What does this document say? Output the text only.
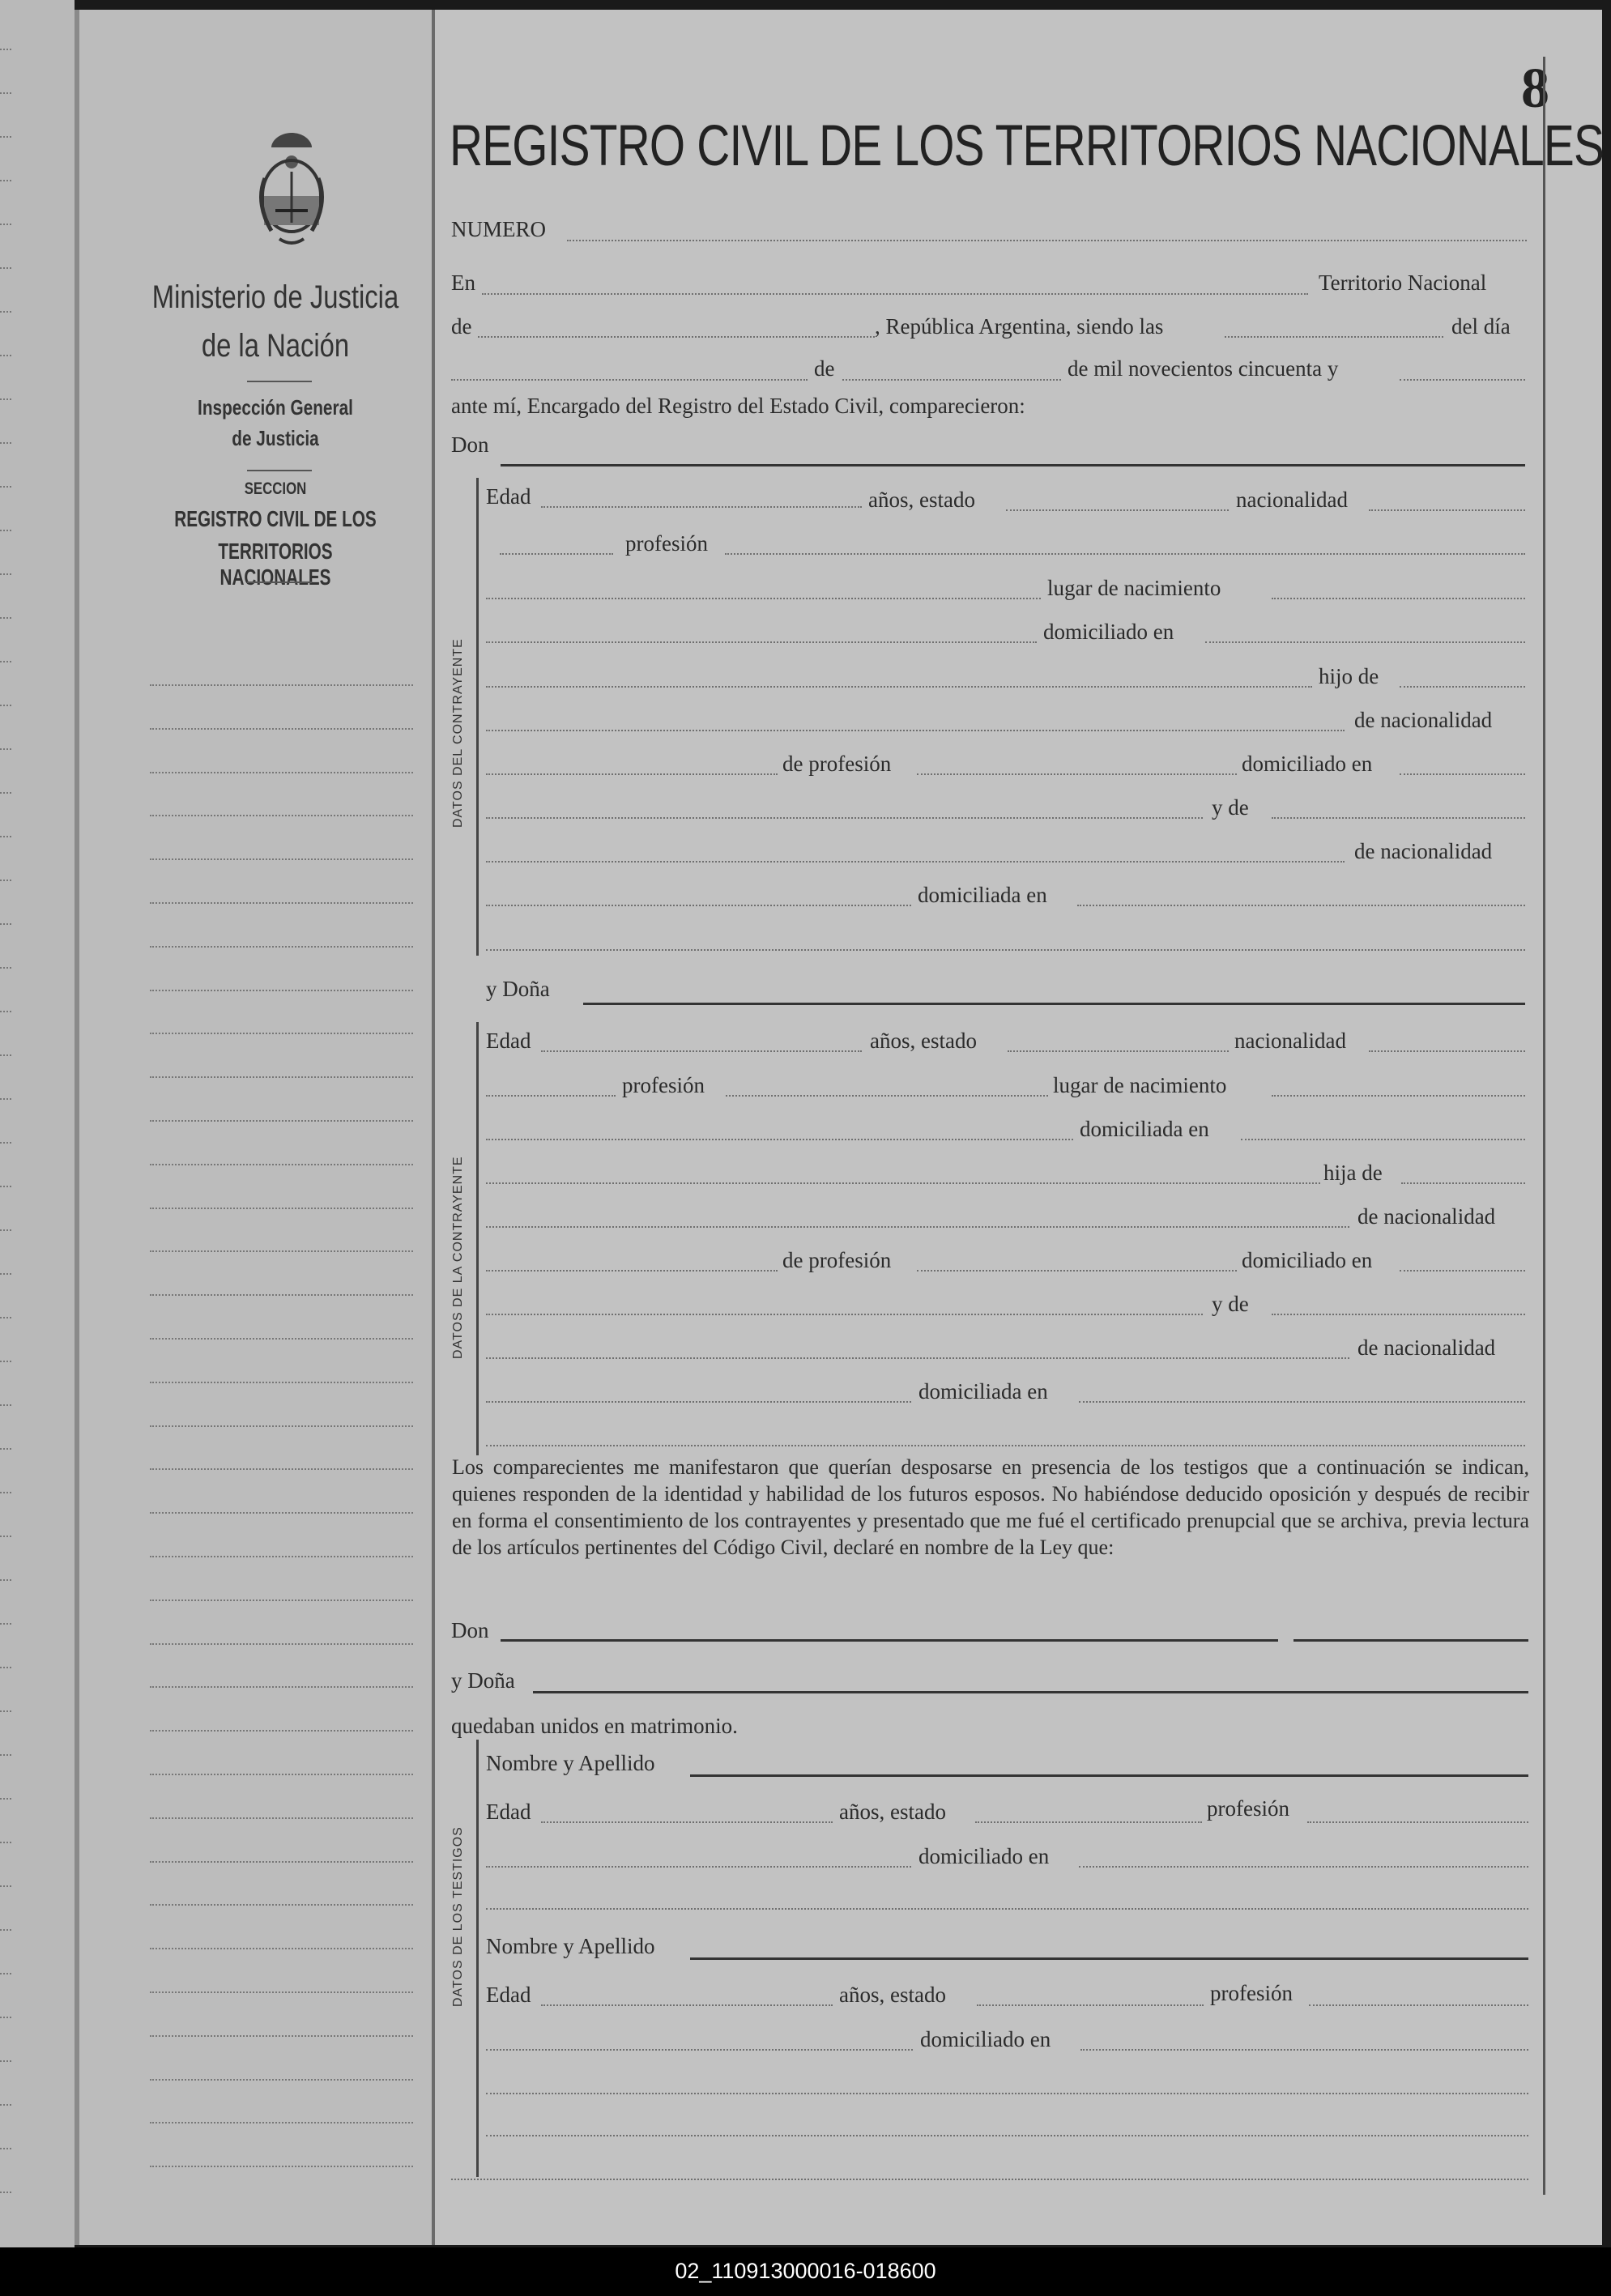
Ministerio de Justicia
de la Nación
Inspección General
de Justicia
SECCION
REGISTRO CIVIL DE LOS
TERRITORIOS NACIONALES
8
REGISTRO CIVIL DE LOS TERRITORIOS NACIONALES
NUMERO
En	Territorio Nacional
de	, República Argentina, siendo las	del día
de	de mil novecientos cincuenta y
ante mí, Encargado del Registro del Estado Civil, comparecieron:
Don
DATOS DEL CONTRAYENTE
Edad	años, estado	nacionalidad
profesión
lugar de nacimiento
domiciliado en
hijo de
de nacionalidad
de profesión	domiciliado en
y de
de nacionalidad
domiciliada en
y Doña
DATOS DE LA CONTRAYENTE
Edad	años, estado	nacionalidad
profesión	lugar de nacimiento
domiciliada en
hija de
de nacionalidad
de profesión	domiciliado en
y de
de nacionalidad
domiciliada en
Los comparecientes me manifestaron que querían desposarse en presencia de los testigos que a continuación se indican, quienes responden de la identidad y habilidad de los futuros esposos. No habiéndose deducido oposición y después de recibir en forma el consentimiento de los contrayentes y presentado que me fué el certificado prenupcial que se archiva, previa lectura de los artículos pertinentes del Código Civil, declaré en nombre de la Ley que:
Don
y Doña
quedaban unidos en matrimonio.
DATOS DE LOS TESTIGOS
Nombre y Apellido
Edad	años, estado	profesión
domiciliado en
Nombre y Apellido
Edad	años, estado	profesión
domiciliado en
02_110913000016-018600
